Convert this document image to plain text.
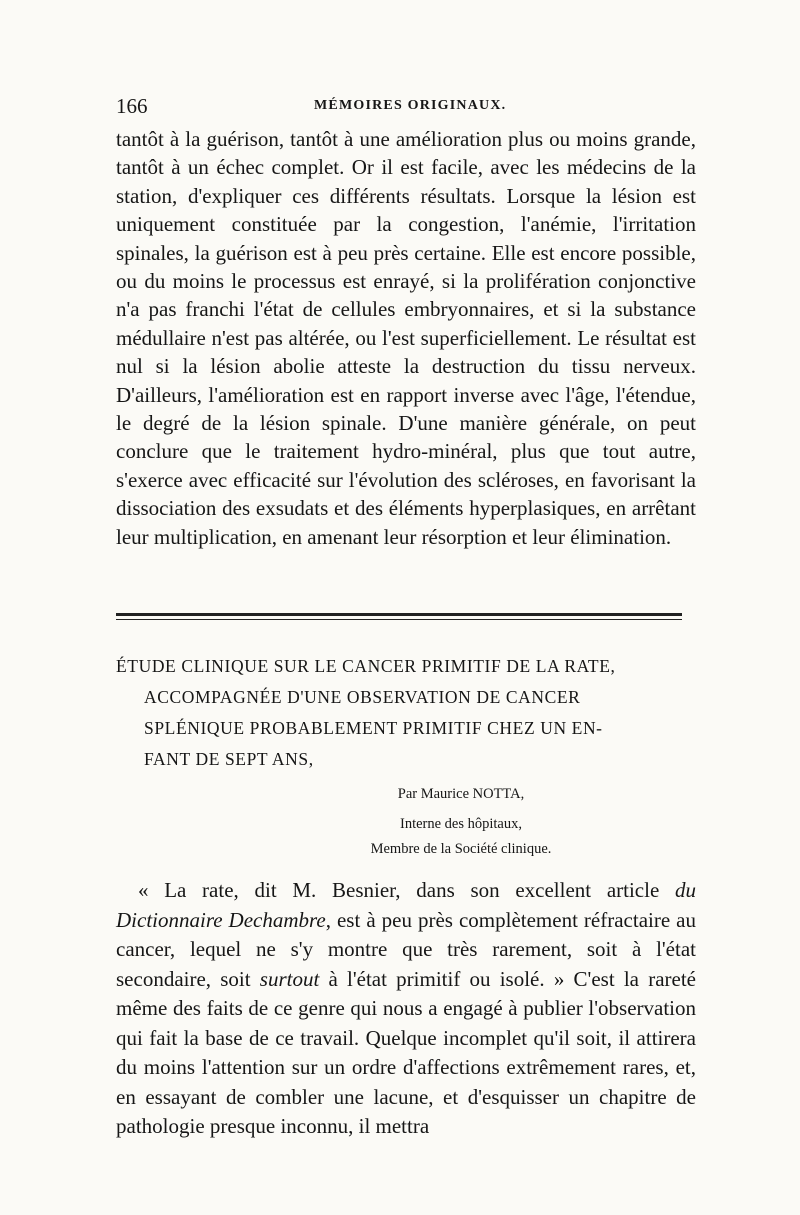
166	MÉMOIRES ORIGINAUX.
tantôt à la guérison, tantôt à une amélioration plus ou moins grande, tantôt à un échec complet. Or il est facile, avec les médecins de la station, d'expliquer ces différents résultats. Lorsque la lésion est uniquement constituée par la congestion, l'anémie, l'irritation spinales, la guérison est à peu près certaine. Elle est encore possible, ou du moins le processus est enrayé, si la prolifération conjonctive n'a pas franchi l'état de cellules embryonnaires, et si la substance médullaire n'est pas altérée, ou l'est superficiellement. Le résultat est nul si la lésion abolie atteste la destruction du tissu nerveux. D'ailleurs, l'amélioration est en rapport inverse avec l'âge, l'étendue, le degré de la lésion spinale. D'une manière générale, on peut conclure que le traitement hydro-minéral, plus que tout autre, s'exerce avec efficacité sur l'évolution des scléroses, en favorisant la dissociation des exsudats et des éléments hyperplasiques, en arrêtant leur multiplication, en amenant leur résorption et leur élimination.
ÉTUDE CLINIQUE SUR LE CANCER PRIMITIF DE LA RATE,
ACCOMPAGNÉE D'UNE OBSERVATION DE CANCER
SPLÉNIQUE PROBABLEMENT PRIMITIF CHEZ UN EN-
FANT DE SEPT ANS,
Par Maurice NOTTA,
Interne des hôpitaux,
Membre de la Société clinique.
« La rate, dit M. Besnier, dans son excellent article du Dictionnaire Dechambre, est à peu près complètement réfractaire au cancer, lequel ne s'y montre que très rarement, soit à l'état secondaire, soit surtout à l'état primitif ou isolé. » C'est la rareté même des faits de ce genre qui nous a engagé à publier l'observation qui fait la base de ce travail. Quelque incomplet qu'il soit, il attirera du moins l'attention sur un ordre d'affections extrêmement rares, et, en essayant de combler une lacune, et d'esquisser un chapitre de pathologie presque inconnu, il mettra
